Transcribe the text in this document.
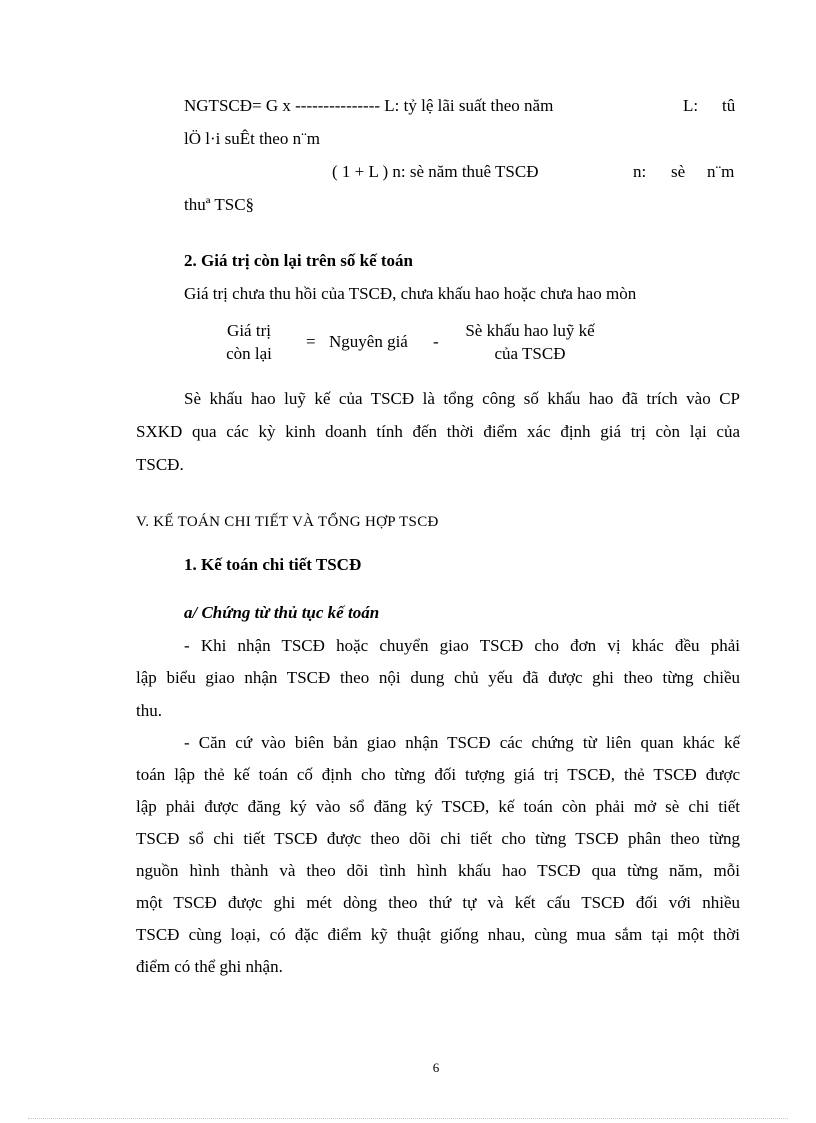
NGTSCĐ= G x --------------- L: tỷ lệ lãi suất theo năm	L: tû
lÖ l·i suÊt theo n¨m
( 1 + L ) n: sè năm thuê TSCĐ	n: sè n¨m
thuª TSC§
2. Giá trị còn lại trên số kế toán
Giá trị chưa thu hồi của TSCĐ, chưa khấu hao hoặc chưa hao mòn
Giá trị
còn lại
= Nguyên giá -
Sè khấu hao luỹ kế
của TSCĐ
Sè khấu hao luỹ kế của TSCĐ là tổng công số khấu hao đã trích vào CP
SXKD qua các kỳ kinh doanh tính đến thời điểm xác định giá trị còn lại của
TSCĐ.
V. KẾ TOÁN CHI TIẾT VÀ TỔNG HỢP TSCĐ
1. Kế toán chi tiết TSCĐ
a/ Chứng từ thủ tục kế toán
- Khi nhận TSCĐ hoặc chuyển giao TSCĐ cho đơn vị khác đều phải
lập biểu giao nhận TSCĐ theo nội dung chủ yếu đã được ghi theo từng chiều
thu.
- Căn cứ vào biên bản giao nhận TSCĐ các chứng từ liên quan khác kế
toán lập thẻ kế toán cố định cho từng đối tượng giá trị TSCĐ, thẻ TSCĐ được
lập phải được đăng ký vào sổ đăng ký TSCĐ, kế toán còn phải mở sè chi tiết
TSCĐ sổ chi tiết TSCĐ được theo dõi chi tiết cho từng TSCĐ phân theo từng
nguồn hình thành và theo dõi tình hình khấu hao TSCĐ qua từng năm, mỗi
một TSCĐ được ghi mét dòng theo thứ tự và kết cấu TSCĐ đối với nhiều
TSCĐ cùng loại, có đặc điểm kỹ thuật giống nhau, cùng mua sắm tại một thời
điểm có thể ghi nhận.
6
